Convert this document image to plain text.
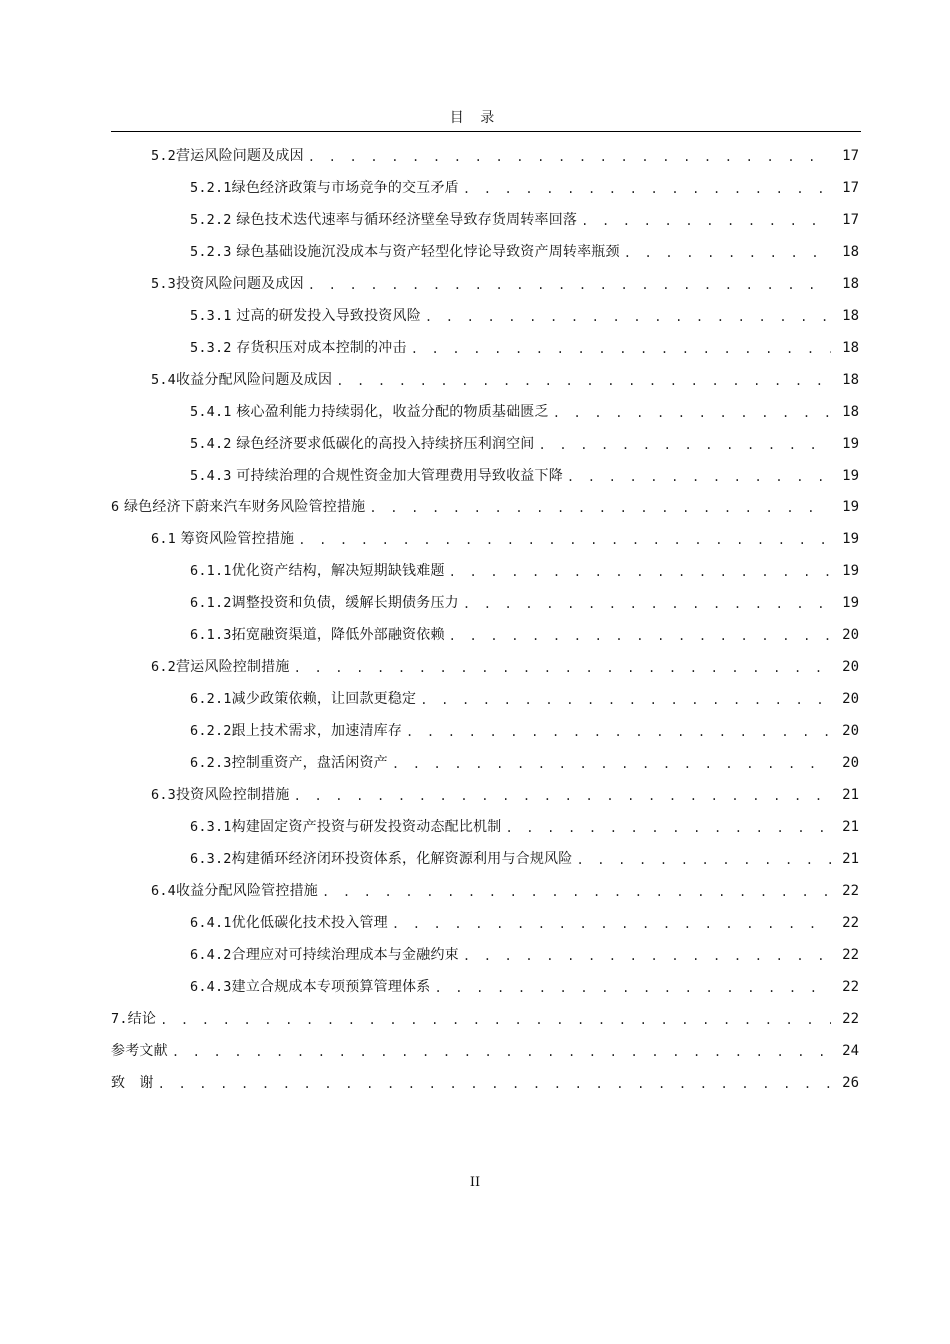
目 录
5.2营运风险问题及成因 . . .	17
5.2.1绿色经济政策与市场竞争的交互矛盾 . . .	17
5.2.2 绿色技术迭代速率与循环经济壁垒导致存货周转率回落 . . .	17
5.2.3 绿色基础设施沉没成本与资产轻型化悖论导致资产周转率瓶颈 . . .	18
5.3投资风险问题及成因 . . .	18
5.3.1 过高的研发投入导致投资风险 . . .	18
5.3.2 存货积压对成本控制的冲击 . . .	18
5.4收益分配风险问题及成因 . . .	18
5.4.1 核心盈利能力持续弱化，收益分配的物质基础匮乏 . . .	18
5.4.2 绿色经济要求低碳化的高投入持续挤压利润空间 . . .	19
5.4.3 可持续治理的合规性资金加大管理费用导致收益下降 . . .	19
6 绿色经济下蔚来汽车财务风险管控措施 . . .	19
6.1 筹资风险管控措施 . . .	19
6.1.1优化资产结构，解决短期缺钱难题 . . .	19
6.1.2调整投资和负债，缓解长期债务压力 . . .	19
6.1.3拓宽融资渠道，降低外部融资依赖 . . .	20
6.2营运风险控制措施 . . .	20
6.2.1减少政策依赖，让回款更稳定 . . .	20
6.2.2跟上技术需求，加速清库存 . . .	20
6.2.3控制重资产，盘活闲资产 . . .	20
6.3投资风险控制措施 . . .	21
6.3.1构建固定资产投资与研发投资动态配比机制 . . .	21
6.3.2构建循环经济闭环投资体系，化解资源利用与合规风险 . . .	21
6.4收益分配风险管控措施 . . .	22
6.4.1优化低碳化技术投入管理 . . .	22
6.4.2合理应对可持续治理成本与金融约束 . . .	22
6.4.3建立合规成本专项预算管理体系 . . .	22
7.结论 . . .	22
参考文献 . . .	24
致　谢 . . .	26
II
